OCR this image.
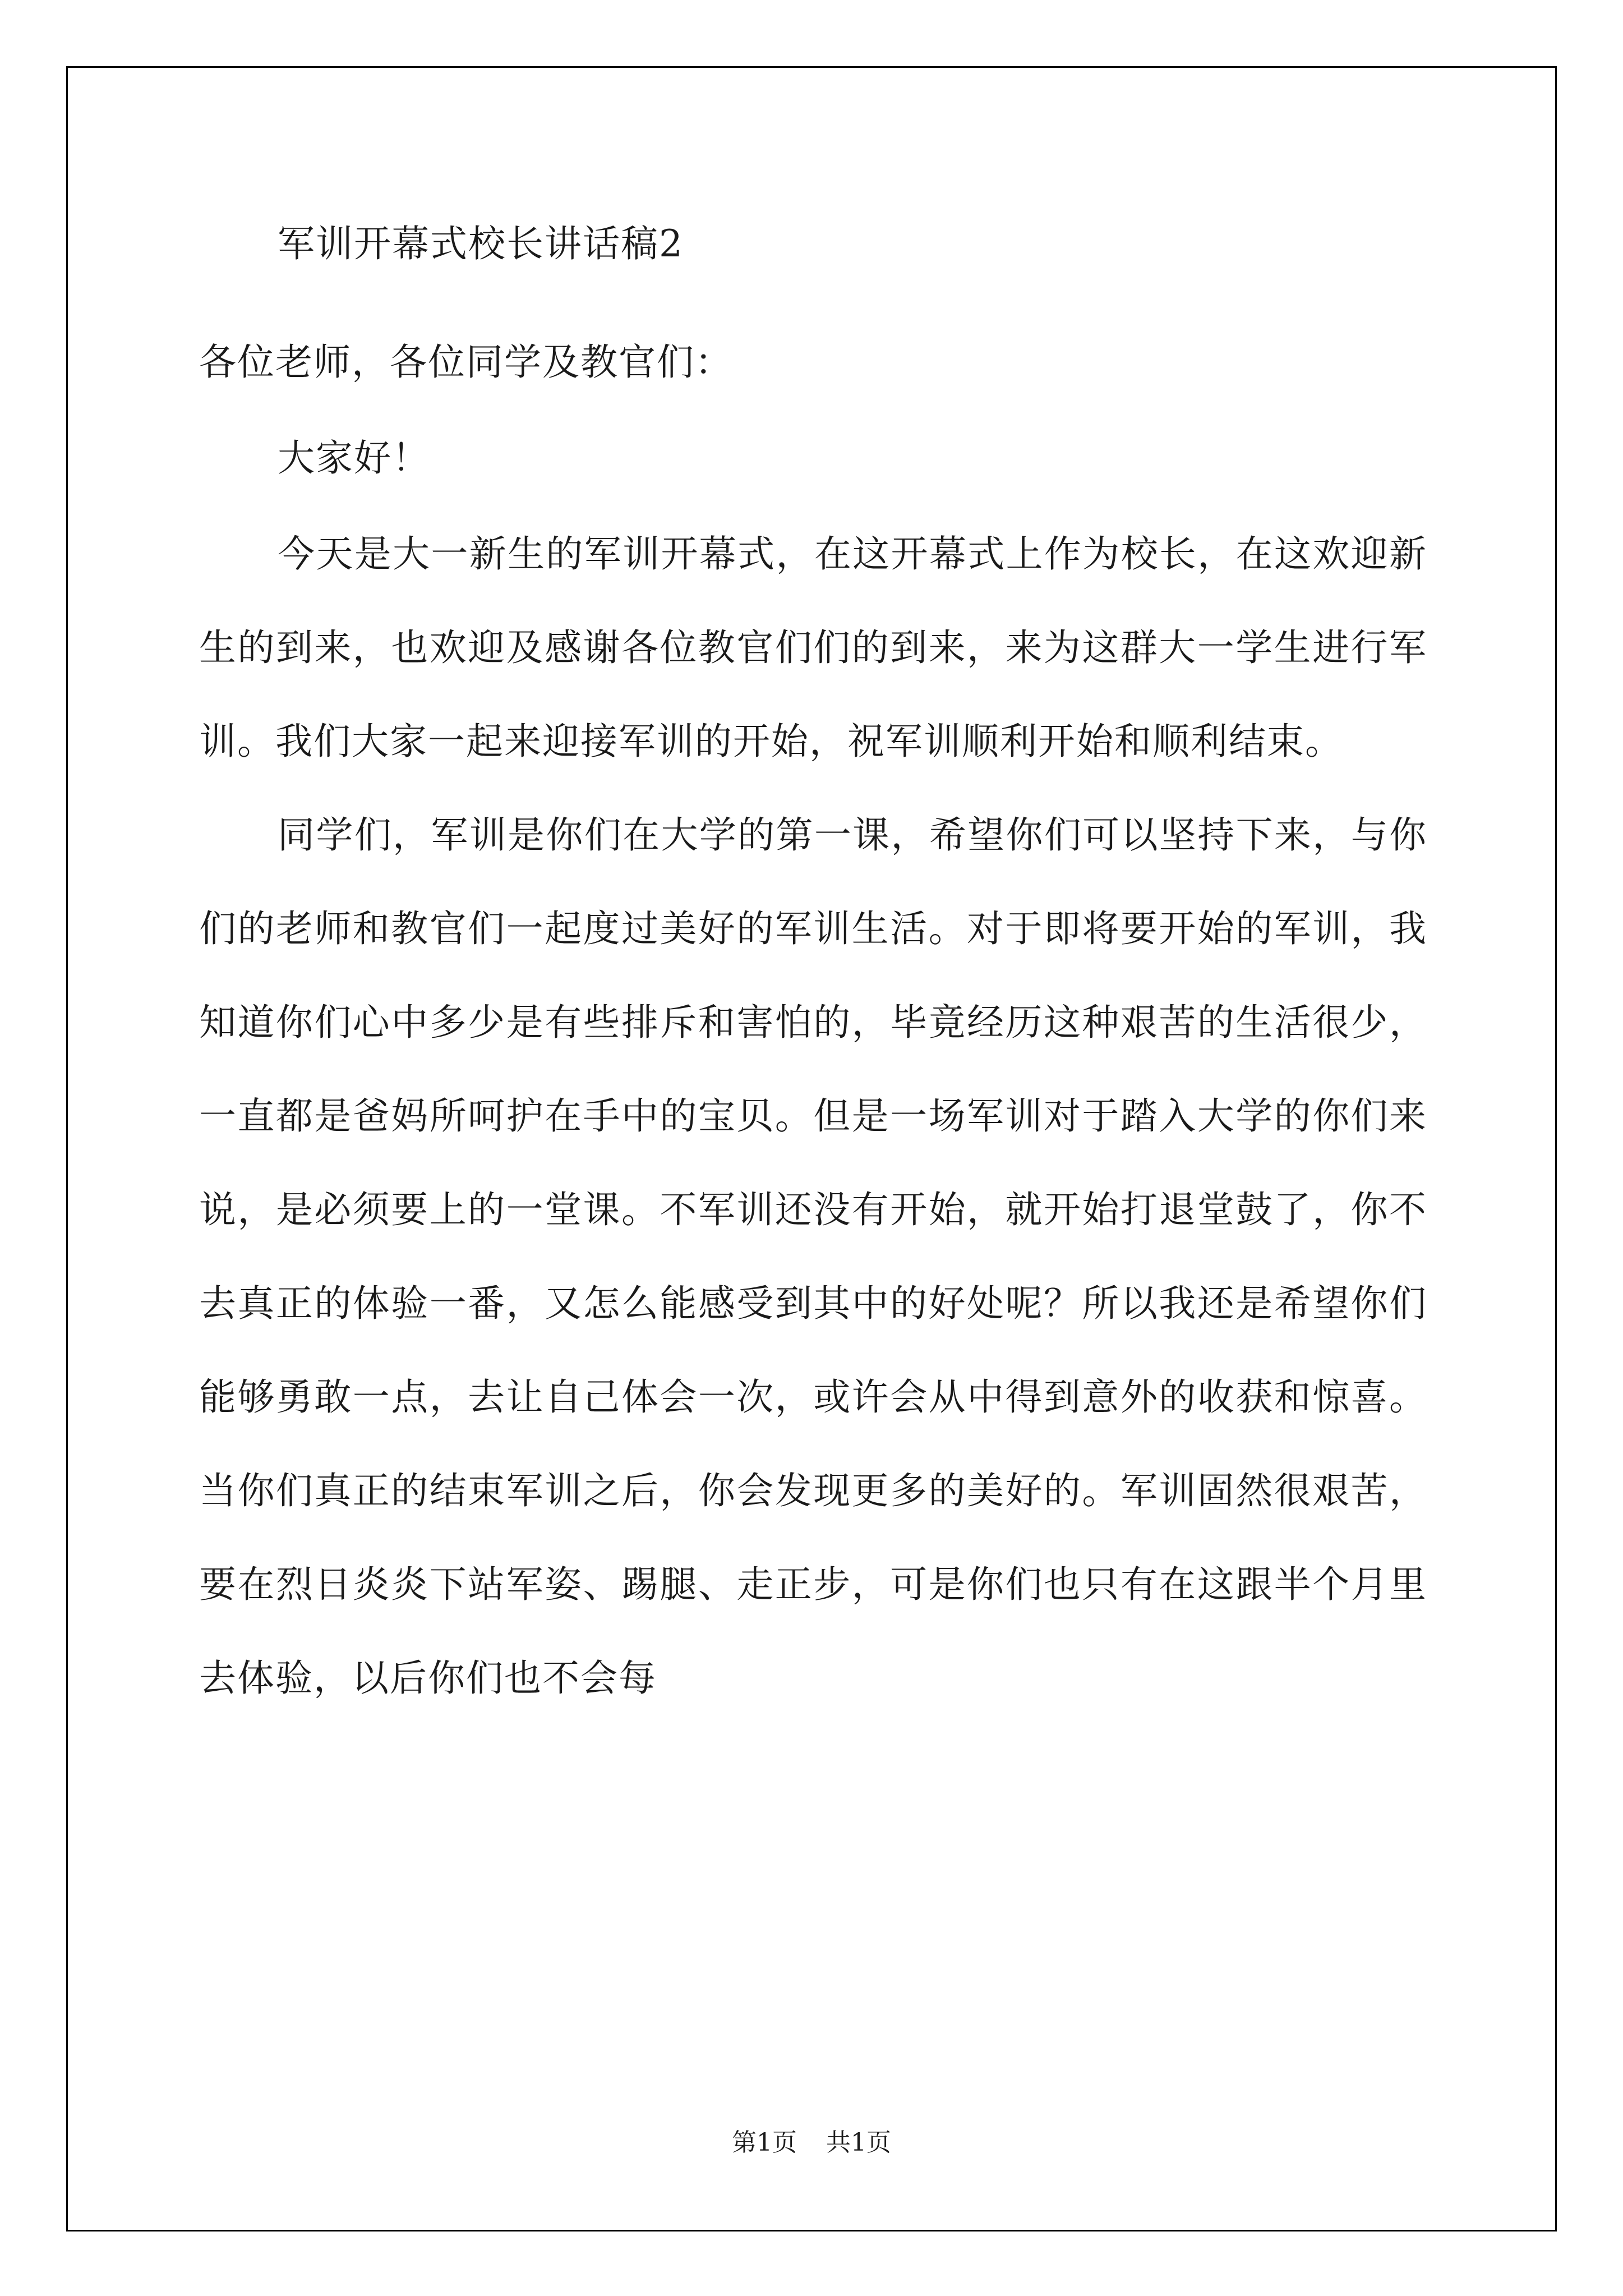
军训开幕式校长讲话稿2

各位老师，各位同学及教官们：

大家好！

今天是大一新生的军训开幕式，在这开幕式上作为校长，在这欢迎新生的到来，也欢迎及感谢各位教官们们的到来，来为这群大一学生进行军训。我们大家一起来迎接军训的开始，祝军训顺利开始和顺利结束。

同学们，军训是你们在大学的第一课，希望你们可以坚持下来，与你们的老师和教官们一起度过美好的军训生活。对于即将要开始的军训，我知道你们心中多少是有些排斥和害怕的，毕竟经历这种艰苦的生活很少，一直都是爸妈所呵护在手中的宝贝。但是一场军训对于踏入大学的你们来说，是必须要上的一堂课。不军训还没有开始，就开始打退堂鼓了，你不去真正的体验一番，又怎么能感受到其中的好处呢？所以我还是希望你们能够勇敢一点，去让自己体会一次，或许会从中得到意外的收获和惊喜。当你们真正的结束军训之后，你会发现更多的美好的。军训固然很艰苦，要在烈日炎炎下站军姿、踢腿、走正步，可是你们也只有在这跟半个月里去体验，以后你们也不会每

第1页 共1页
